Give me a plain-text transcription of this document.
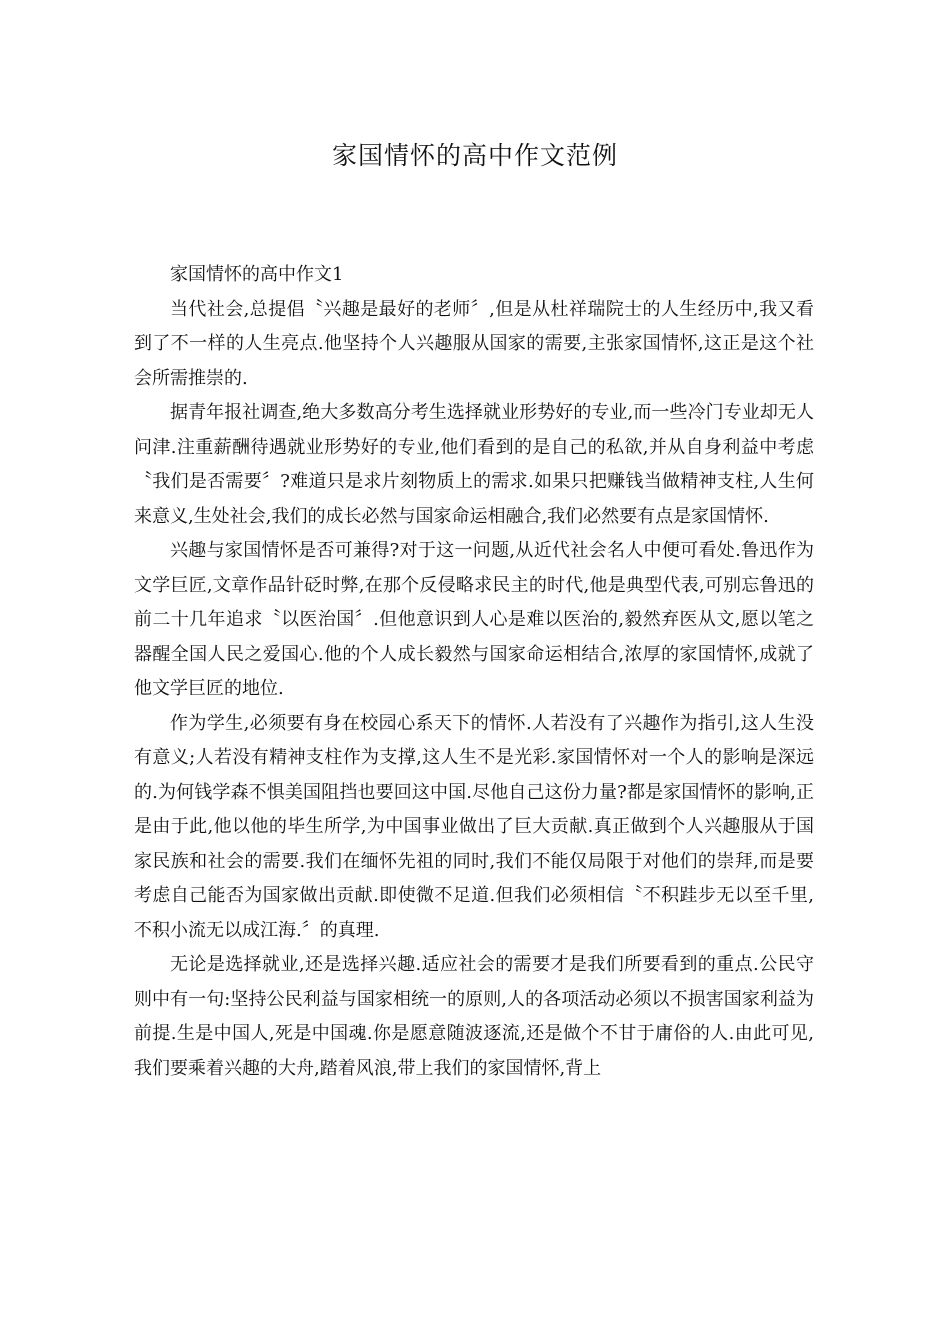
家国情怀的高中作文范例

家国情怀的高中作文1

当代社会,总提倡〝兴趣是最好的老师〞,但是从杜祥瑞院士的人生经历中,我又看到了不一样的人生亮点.他坚持个人兴趣服从国家的需要,主张家国情怀,这正是这个社会所需推崇的.

据青年报社调查,绝大多数高分考生选择就业形势好的专业,而一些冷门专业却无人问津.注重薪酬待遇就业形势好的专业,他们看到的是自己的私欲,并从自身利益中考虑〝我们是否需要〞?难道只是求片刻物质上的需求.如果只把赚钱当做精神支柱,人生何来意义,生处社会,我们的成长必然与国家命运相融合,我们必然要有点是家国情怀.

兴趣与家国情怀是否可兼得?对于这一问题,从近代社会名人中便可看处.鲁迅作为文学巨匠,文章作品针砭时弊,在那个反侵略求民主的时代,他是典型代表,可别忘鲁迅的前二十几年追求〝以医治国〞.但他意识到人心是难以医治的,毅然弃医从文,愿以笔之器醒全国人民之爱国心.他的个人成长毅然与国家命运相结合,浓厚的家国情怀,成就了他文学巨匠的地位.

作为学生,必须要有身在校园心系天下的情怀.人若没有了兴趣作为指引,这人生没有意义;人若没有精神支柱作为支撑,这人生不是光彩.家国情怀对一个人的影响是深远的.为何钱学森不惧美国阻挡也要回这中国.尽他自己这份力量?都是家国情怀的影响,正是由于此,他以他的毕生所学,为中国事业做出了巨大贡献.真正做到个人兴趣服从于国家民族和社会的需要.我们在缅怀先祖的同时,我们不能仅局限于对他们的崇拜,而是要考虑自己能否为国家做出贡献.即使微不足道.但我们必须相信〝不积跬步无以至千里,不积小流无以成江海.〞的真理.

无论是选择就业,还是选择兴趣.适应社会的需要才是我们所要看到的重点.公民守则中有一句:坚持公民利益与国家相统一的原则,人的各项活动必须以不损害国家利益为前提.生是中国人,死是中国魂.你是愿意随波逐流,还是做个不甘于庸俗的人.由此可见,我们要乘着兴趣的大舟,踏着风浪,带上我们的家国情怀,背上
